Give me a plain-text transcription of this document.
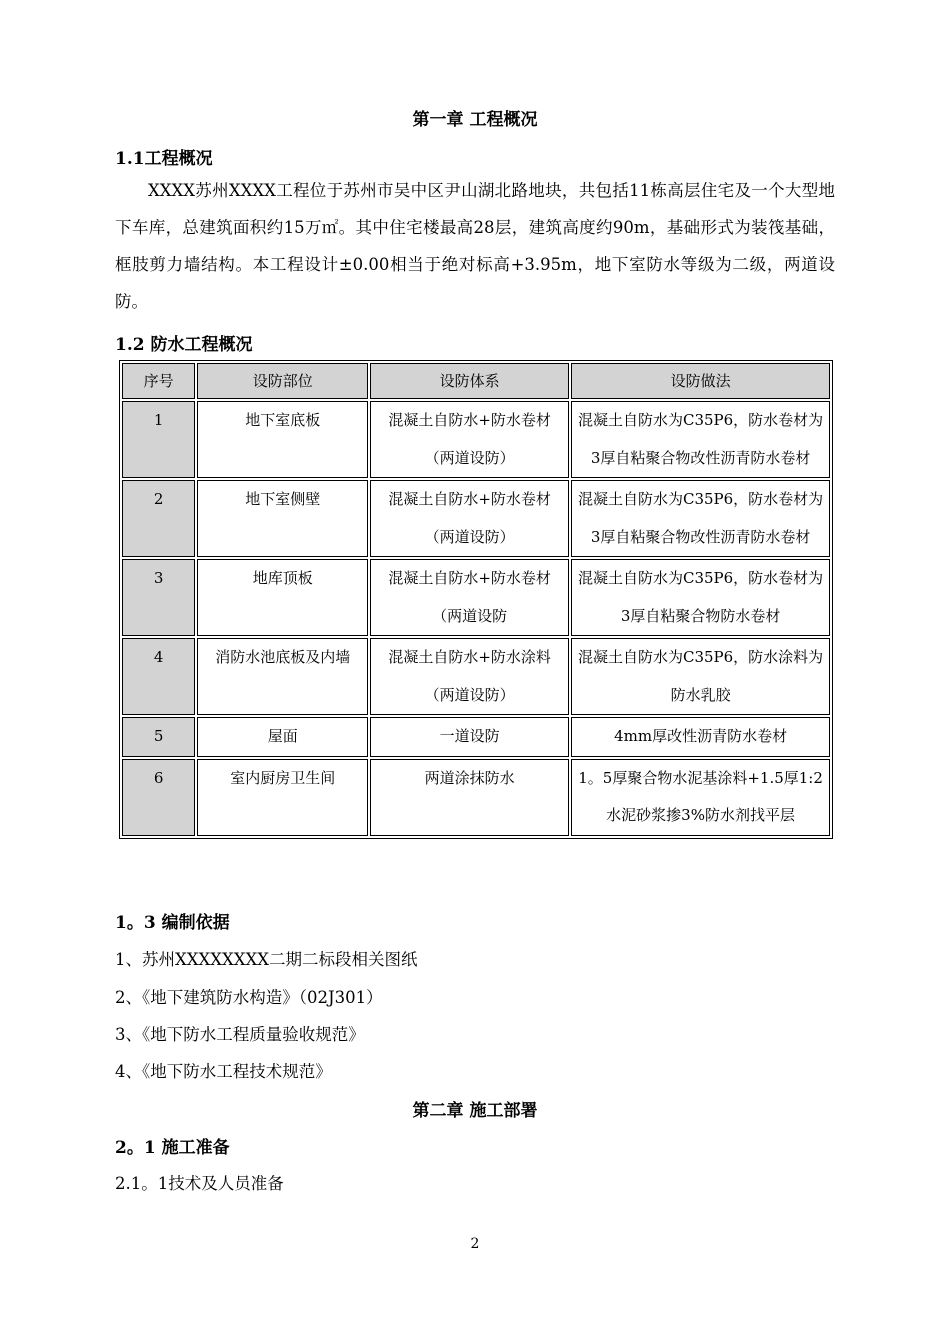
第一章 工程概况
1.1工程概况

XXXX苏州XXXX工程位于苏州市吴中区尹山湖北路地块，共包括11栋高层住宅及一个大型地下车库，总建筑面积约15万㎡。其中住宅楼最高28层，建筑高度约90m，基础形式为装筏基础，框肢剪力墙结构。本工程设计±0.00相当于绝对标高+3.95m，地下室防水等级为二级，两道设防。

1.2 防水工程概况
序号	设防部位	设防体系	设防做法
1	地下室底板	混凝土自防水+防水卷材（两道设防）	混凝土自防水为C35P6，防水卷材为3厚自粘聚合物改性沥青防水卷材
2	地下室侧壁	混凝土自防水+防水卷材（两道设防）	混凝土自防水为C35P6，防水卷材为3厚自粘聚合物改性沥青防水卷材
3	地库顶板	混凝土自防水+防水卷材（两道设防	混凝土自防水为C35P6，防水卷材为3厚自粘聚合物防水卷材
4	消防水池底板及内墙	混凝土自防水+防水涂料（两道设防）	混凝土自防水为C35P6，防水涂料为防水乳胶
5	屋面	一道设防	4mm厚改性沥青防水卷材
6	室内厨房卫生间	两道涂抹防水	1。5厚聚合物水泥基涂料+1.5厚1:2水泥砂浆掺3%防水剂找平层
1。3 编制依据
1、苏州XXXXXXXX二期二标段相关图纸
2、《地下建筑防水构造》（02J301）
3、《地下防水工程质量验收规范》
4、《地下防水工程技术规范》
第二章 施工部署
2。1 施工准备
2.1。1技术及人员准备
2
